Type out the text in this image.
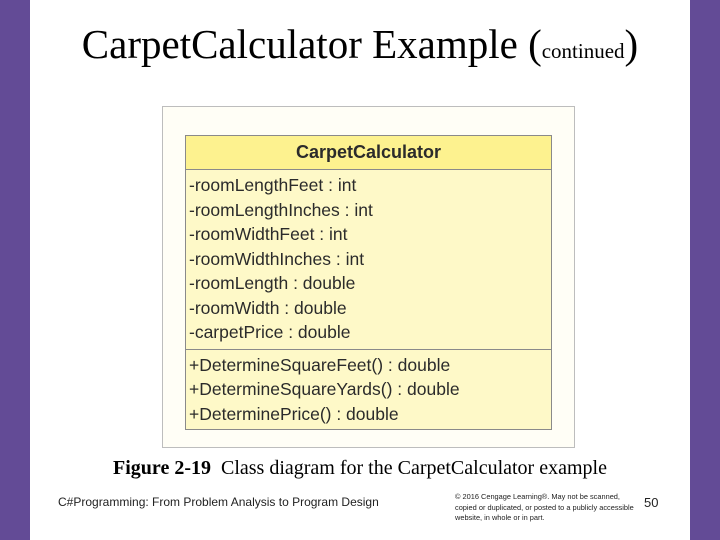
CarpetCalculator Example (continued)
CarpetCalculator
-roomLengthFeet : int
-roomLengthInches : int
-roomWidthFeet : int
-roomWidthInches : int
-roomLength : double
-roomWidth : double
-carpetPrice : double
+DetermineSquareFeet() : double
+DetermineSquareYards() : double
+DeterminePrice() : double
Figure 2-19 Class diagram for the CarpetCalculator example
C#Programming: From Problem Analysis to Program Design	© 2016 Cengage Learning®. May not be scanned, copied or duplicated, or posted to a publicly accessible website, in whole or in part.
50
